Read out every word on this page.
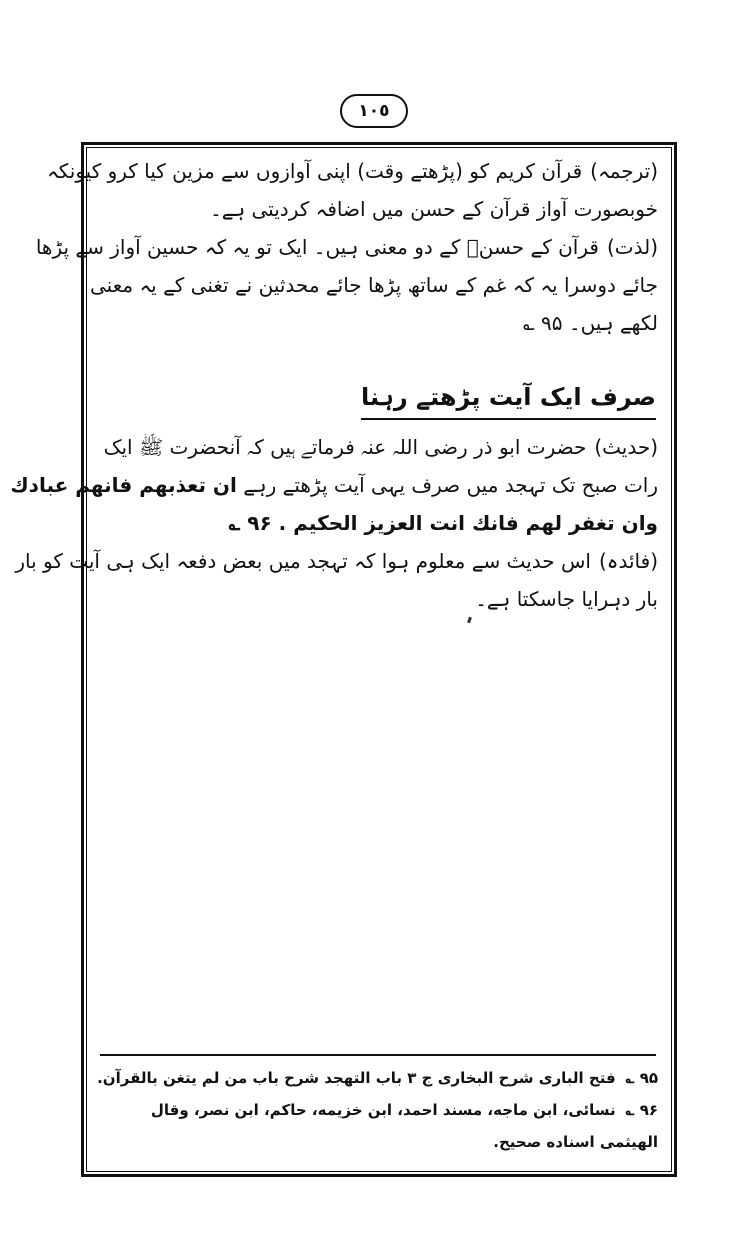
١٠٥
(ترجمہ)قرآن کریم کو (پڑھتے وقت) اپنی آوازوں سے مزین کیا کرو کیونکہ
خوبصورت آواز قرآن کے حسن میں اضافہ کردیتی ہے۔
(لذت)قرآن کے حسنؐ کے دو معنی ہیں۔ ایک تو یہ کہ حسین آواز سے پڑھا
جائے دوسرا یہ کہ غم کے ساتھ پڑھا جائے محدثین نے تغنی کے یہ معنی
لکھے ہیں۔ ۹۵ ؎
صرف ایک آیت پڑھتے رہنا
(حدیث)حضرت ابو ذر رضی اللہ عنہ فرماتے ہیں کہ آنحضرت ﷺ ایک
رات صبح تک تہجد میں صرف یہی آیت پڑھتے رہے ان تعذبهم فانهم عبادك
وان تغفر لهم فانك انت العزيز الحكيم . ۹۶ ؎
(فائدہ)اس حدیث سے معلوم ہوا کہ تہجد میں بعض دفعہ ایک ہی آیت کو بار
بار دہرایا جاسکتا ہے۔
۹۵ ؎فتح البارى شرح البخارى ج ۳ باب التهجد شرح باب من لم يتغن بالقرآن.
۹۶ ؎نسائى، ابن ماجه، مسند احمد، ابن خزيمه، حاكم، ابن نصر، وقال
الهيثمى اسناده صحيح.
